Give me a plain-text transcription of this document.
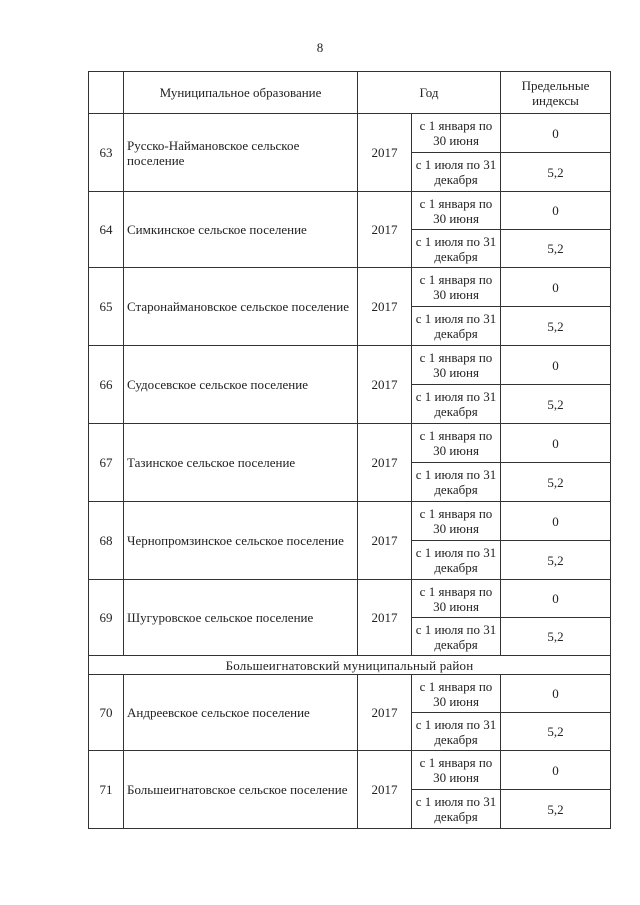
8
	Муниципальное образование	Год		Предельные индексы
63	Русско-Наймановское сельское поселение	2017	с 1 января по 30 июня	0
			с 1 июля по 31 декабря	5,2
64	Симкинское сельское поселение	2017	с 1 января по 30 июня	0
			с 1 июля по 31 декабря	5,2
65	Старонаймановское сельское поселение	2017	с 1 января по 30 июня	0
			с 1 июля по 31 декабря	5,2
66	Судосевское сельское поселение	2017	с 1 января по 30 июня	0
			с 1 июля по 31 декабря	5,2
67	Тазинское сельское поселение	2017	с 1 января по 30 июня	0
			с 1 июля по 31 декабря	5,2
68	Чернопромзинское сельское поселение	2017	с 1 января по 30 июня	0
			с 1 июля по 31 декабря	5,2
69	Шугуровское сельское поселение	2017	с 1 января по 30 июня	0
			с 1 июля по 31 декабря	5,2
Большеигнатовский муниципальный район				
70	Андреевское сельское поселение	2017	с 1 января по 30 июня	0
			с 1 июля по 31 декабря	5,2
71	Большеигнатовское сельское поселение	2017	с 1 января по 30 июня	0
			с 1 июля по 31 декабря	5,2
